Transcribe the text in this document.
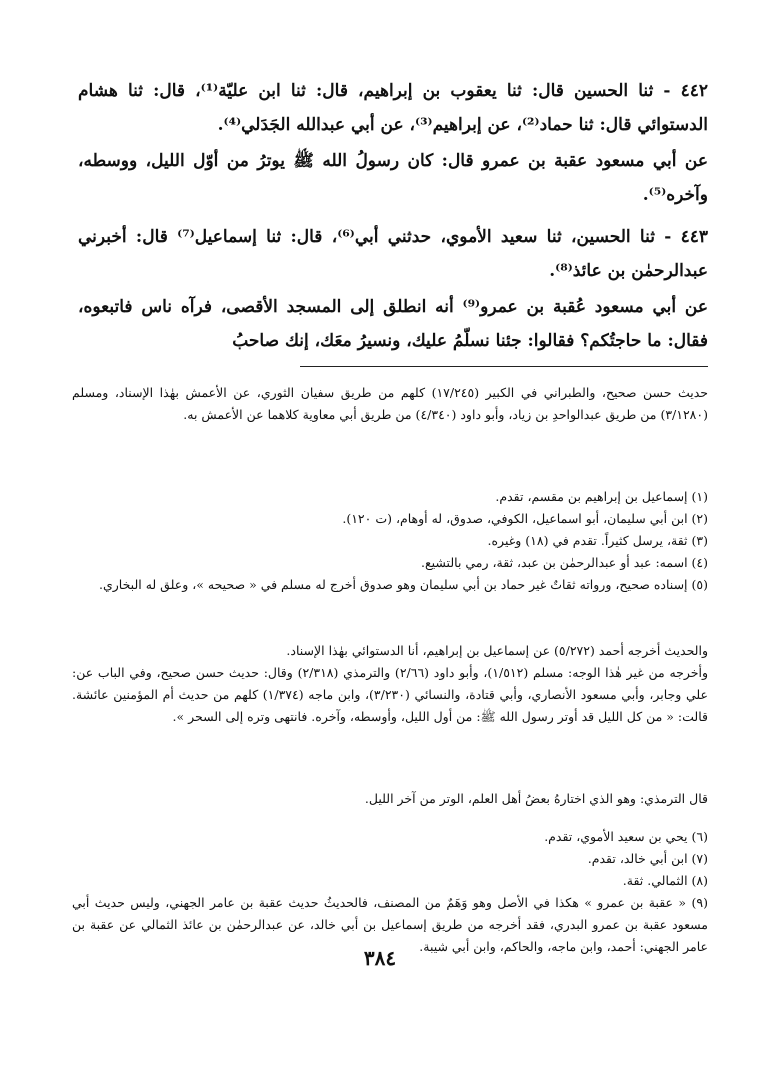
٤٤٢ - ثنا الحسين قال: ثنا يعقوب بن إبراهيم، قال: ثنا ابن عليّة⁽¹⁾، قال: ثنا هشام الدستوائي قال: ثنا حماد⁽²⁾، عن إبراهيم⁽³⁾، عن أبي عبدالله الجَدَلي⁽⁴⁾.

عن أبي مسعود عقبة بن عمرو قال: كان رسولُ الله ﷺ يوترُ من أوّل الليل، ووسطه، وآخره⁽⁵⁾.

٤٤٣ - ثنا الحسين، ثنا سعيد الأموي، حدثني أبي⁽⁶⁾، قال: ثنا إسماعيل⁽⁷⁾ قال: أخبرني عبدالرحمٰن بن عائذ⁽⁸⁾.

عن أبي مسعود عُقبة بن عمرو⁽⁹⁾ أنه انطلق إلى المسجد الأقصى، فرآه ناس فاتبعوه، فقال: ما حاجتُكم؟ فقالوا: جئنا نسلّمُ عليك، ونسيرُ معَك، إنك صاحبُ

حديث حسن صحيح، والطبراني في الكبير (١٧/٢٤٥) كلهم من طريق سفيان الثوري، عن الأعمش بهٰذا الإسناد، ومسلم (٣/١٢٨٠) من طريق عبدالواحدِ بن زياد، وأبو داود (٤/٣٤٠) من طريق أبي معاوية كلاهما عن الأعمش به.

(١) إسماعيل بن إبراهيم بن مقسم، تقدم.

(٢) ابن أبي سليمان، أبو اسماعيل، الكوفي، صدوق، له أوهام، (ت ١٢٠).

(٣) ثقة، يرسل كثيراً. تقدم في (١٨) وغيره.

(٤) اسمه: عبد أو عبدالرحمٰن بن عبد، ثقة، رمي بالتشيع.

(٥) إسناده صحيح، ورواته ثقاتٌ غير حماد بن أبي سليمان وهو صدوق أخرج له مسلم في « صحيحه »، وعلق له البخاري.

والحديث أخرجه أحمد (٥/٢٧٢) عن إسماعيل بن إبراهيم، أنا الدستوائي بهٰذا الإسناد.

وأخرجه من غير هٰذا الوجه: مسلم (١/٥١٢)، وأبو داود (٢/٦٦) والترمذي (٢/٣١٨) وقال: حديث حسن صحيح، وفي الباب عن: علي وجابر، وأبي مسعود الأنصاري، وأبي قتادة، والنسائي (٣/٢٣٠)، وابن ماجه (١/٣٧٤) كلهم من حديث أم المؤمنين عائشة. قالت: « من كل الليل قد أوتر رسول الله ﷺ: من أول الليل، وأوسطه، وآخره. فانتهى وتره إلى السحر ».

قال الترمذي: وهو الذي اختارهُ بعضُ أهل العلم، الوتر من آخر الليل.

(٦) يحي بن سعيد الأموي، تقدم.

(٧) ابن أبي خالد، تقدم.

(٨) الثمالي. ثقة.

(٩) « عقبة بن عمرو » هكذا في الأصل وهو وَهَمٌ من المصنف، فالحديثُ حديث عقبة بن عامر الجهني، وليس حديث أبي مسعود عقبة بن عمرو البدري، فقد أخرجه من طريق إسماعيل بن أبي خالد، عن عبدالرحمٰن بن عائذ الثمالي عن عقبة بن عامر الجهني: أحمد، وابن ماجه، والحاكم، وابن أبي شيبة.

٣٨٤
